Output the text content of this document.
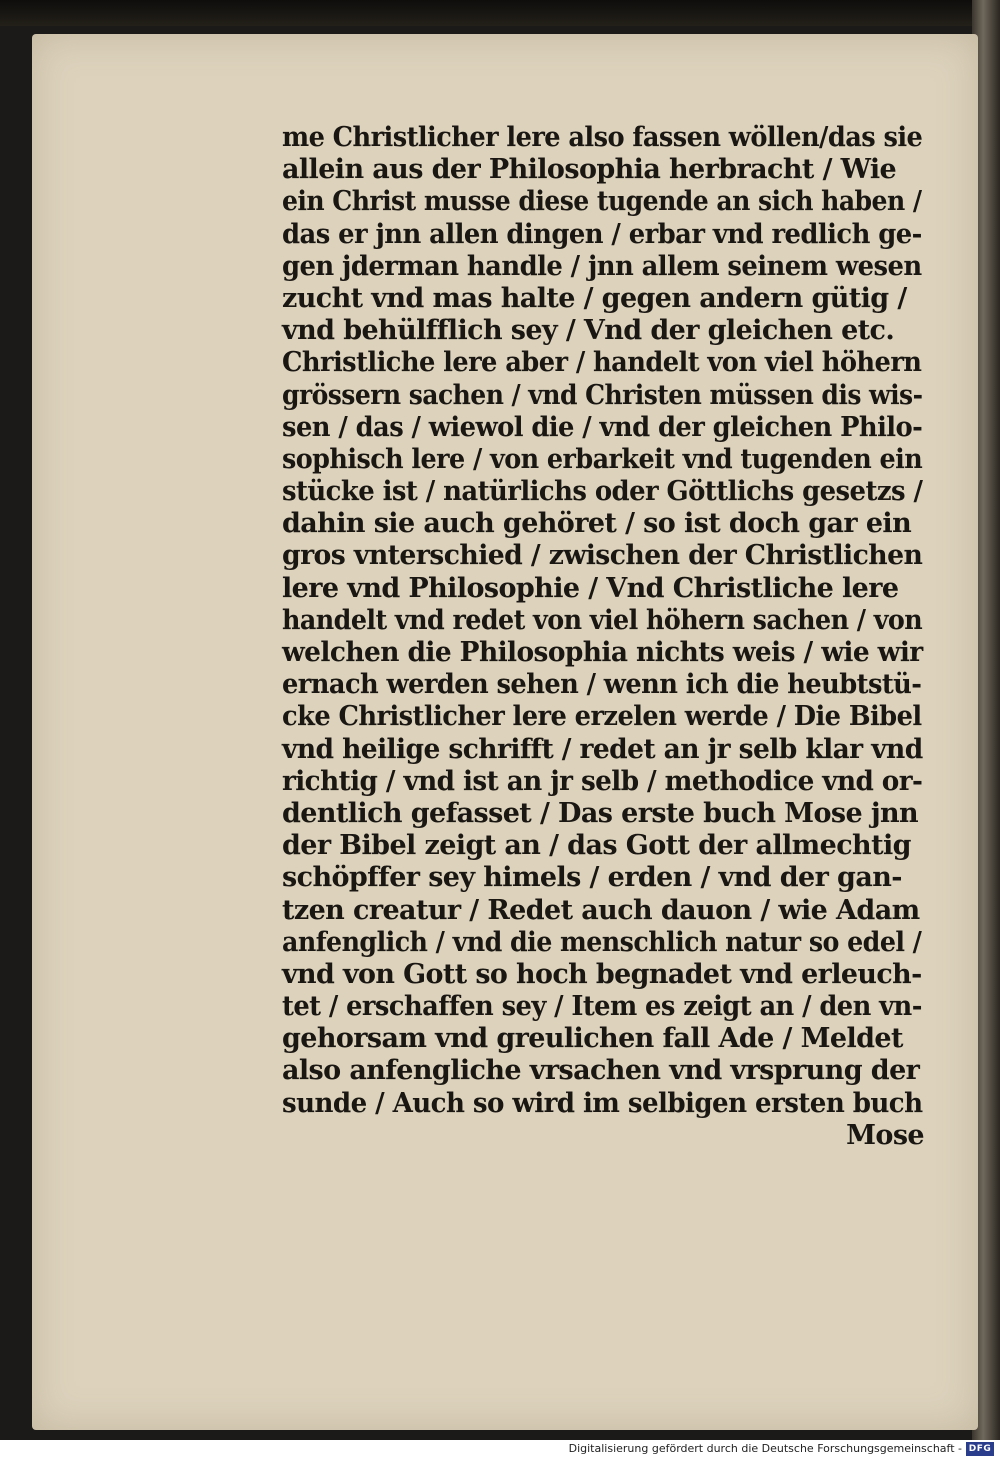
me Christlicher lere also fassen wöllen/das sie
allein aus der Philosophia herbracht / Wie
ein Christ musse diese tugende an sich haben /
das er jnn allen dingen / erbar vnd redlich ge-
gen jderman handle / jnn allem seinem wesen
zucht vnd mas halte / gegen andern gütig /
vnd behülfflich sey / Vnd der gleichen etc.
Christliche lere aber / handelt von viel höhern
grössern sachen / vnd Christen müssen dis wis-
sen / das / wiewol die / vnd der gleichen Philo-
sophisch lere / von erbarkeit vnd tugenden ein
stücke ist / natürlichs oder Göttlichs gesetzs /
dahin sie auch gehöret / so ist doch gar ein
gros vnterschied / zwischen der Christlichen
lere vnd Philosophie / Vnd Christliche lere
handelt vnd redet von viel höhern sachen / von
welchen die Philosophia nichts weis / wie wir
ernach werden sehen / wenn ich die heubtstü-
cke Christlicher lere erzelen werde / Die Bibel
vnd heilige schrifft / redet an jr selb klar vnd
richtig / vnd ist an jr selb / methodice vnd or-
dentlich gefasset / Das erste buch Mose jnn
der Bibel zeigt an / das Gott der allmechtig
schöpffer sey himels / erden / vnd der gan-
tzen creatur / Redet auch dauon / wie Adam
anfenglich / vnd die menschlich natur so edel /
vnd von Gott so hoch begnadet vnd erleuch-
tet / erschaffen sey / Item es zeigt an / den vn-
gehorsam vnd greulichen fall Ade / Meldet
also anfengliche vrsachen vnd vrsprung der
sunde / Auch so wird im selbigen ersten buch
Mose
Digitalisierung gefördert durch die Deutsche Forschungsgemeinschaft - DFG
